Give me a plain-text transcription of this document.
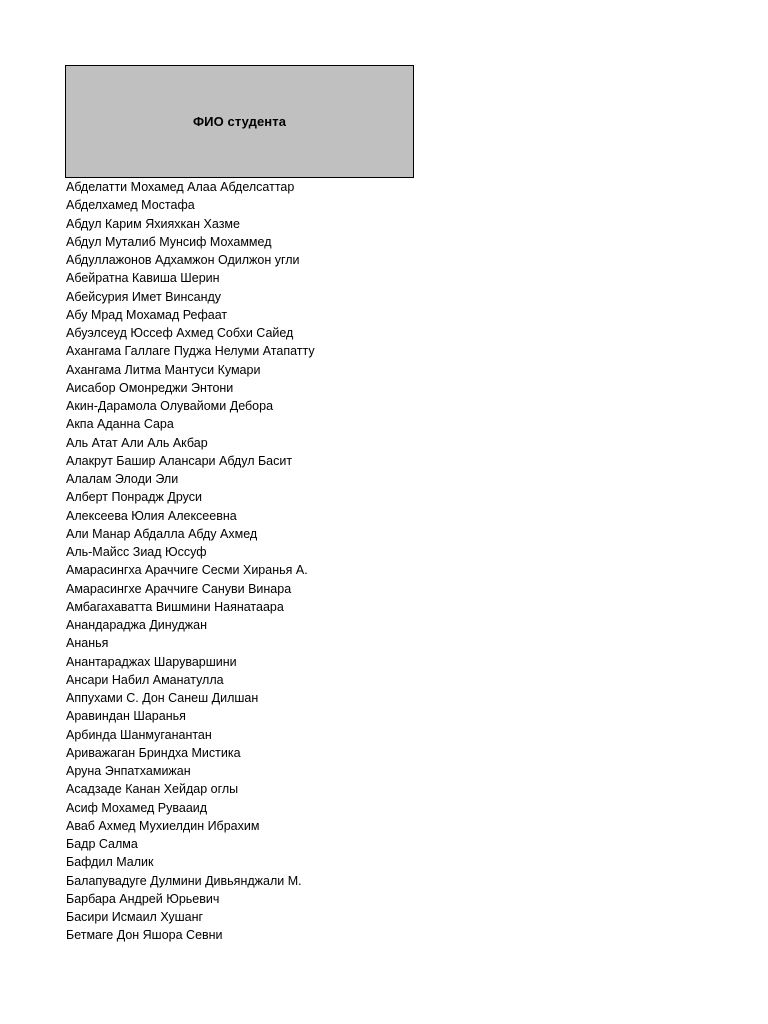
ФИО студента
Абделатти Мохамед Алаа Абделсаттар
Абделхамед Мостафа
Абдул Карим Яхияхкан Хазме
Абдул Муталиб Мунсиф Мохаммед
Абдуллажонов Адхамжон Одилжон угли
Абейратна Кавиша Шерин
Абейсурия Имет Винсанду
Абу Мрад Мохамад Рефаат
Абуэлсеуд Юссеф Ахмед Собхи Сайед
Ахангама Галлаге Пуджа Нелуми Атапатту
Ахангама Литма Мантуси Кумари
Аисабор Омонреджи Энтони
Акин-Дарамола Олувайоми Дебора
Акпа Аданна Сара
Аль Атат Али Аль Акбар
Алакрут Башир Алансари Абдул Басит
Алалам Элоди Эли
Алберт Понрадж Друси
Алексеева Юлия Алексеевна
Али Манар Абдалла Абду Ахмед
Аль-Майсс Зиад Юссуф
Амарасингха Араччиге Сесми Хиранья А.
Амарасингхе Араччиге Сануви Винара
Амбагахаватта Вишмини Наянатаара
Анандараджа Динуджан
Ананья
Анантараджах Шаруваршини
Ансари Набил Аманатулла
Аппухами С. Дон Санеш Дилшан
Аравиндан Шаранья
Арбинда Шанмуганантан
Ариважаган Бриндха Мистика
Аруна Энпатхамижан
Асадзаде Канан Хейдар оглы
Асиф Мохамед Рувааид
Аваб Ахмед Мухиелдин Ибрахим
Бадр Салма
Бафдил Малик
Балапувадуге Дулмини Дивьянджали М.
Барбара Андрей Юрьевич
Басири Исмаил Хушанг
Бетмаге Дон Яшора Севни
